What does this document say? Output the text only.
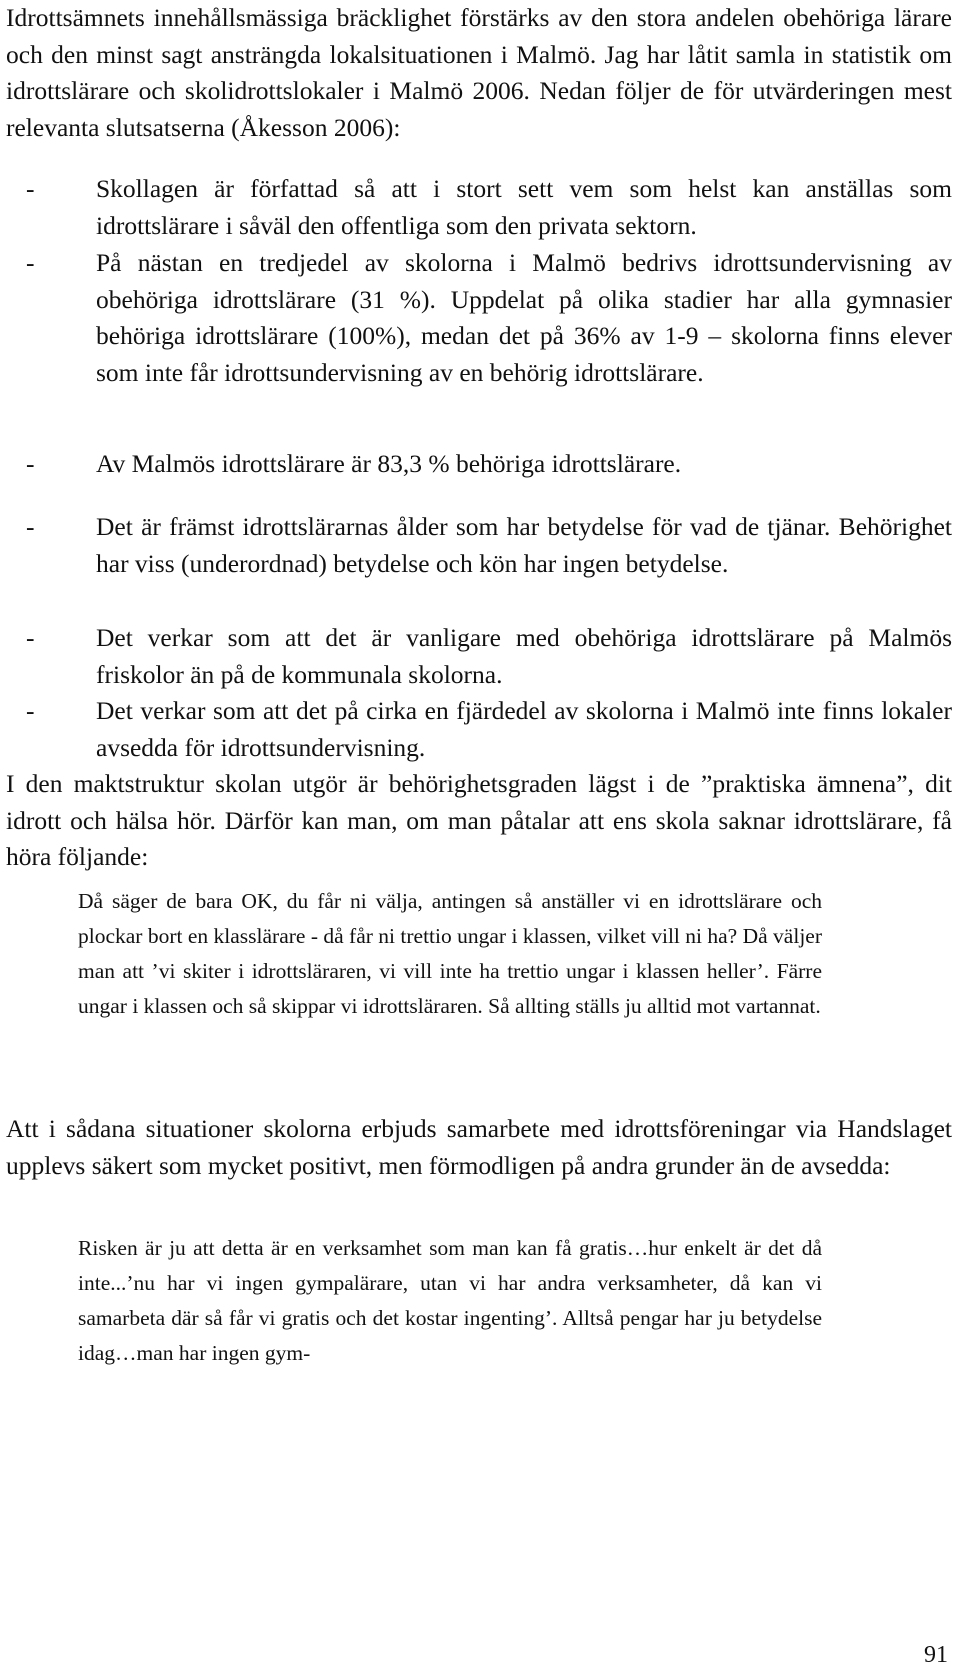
Idrottsämnets innehållsmässiga bräcklighet förstärks av den stora andelen obehöriga lärare och den minst sagt ansträngda lokalsituationen i Malmö. Jag har låtit samla in statistik om idrottslärare och skolidrottslokaler i Malmö 2006. Nedan följer de för utvärderingen mest relevanta slutsatserna (Åkesson 2006):

-	Skollagen är författad så att i stort sett vem som helst kan anställas som idrottslärare i såväl den offentliga som den privata sektorn.

-	På nästan en tredjedel av skolorna i Malmö bedrivs idrottsundervisning av obehöriga idrottslärare (31 %). Uppdelat på olika stadier har alla gymnasier behöriga idrottslärare (100%), medan det på 36% av 1-9 – skolorna finns elever som inte får idrottsundervisning av en behörig idrottslärare.

-	Av Malmös idrottslärare är 83,3 % behöriga idrottslärare.

-	Det är främst idrottslärarnas ålder som har betydelse för vad de tjänar. Behörighet har viss (underordnad) betydelse och kön har ingen betydelse.

-	Det verkar som att det är vanligare med obehöriga idrottslärare på Malmös friskolor än på de kommunala skolorna.

-	Det verkar som att det på cirka en fjärdedel av skolorna i Malmö inte finns lokaler avsedda för idrottsundervisning.

I den maktstruktur skolan utgör är behörighetsgraden lägst i de ”praktiska ämnena”, dit idrott och hälsa hör. Därför kan man, om man påtalar att ens skola saknar idrottslärare, få höra följande:

Då säger de bara OK, du får ni välja, antingen så anställer vi en idrottslärare och plockar bort en klasslärare - då får ni trettio ungar i klassen, vilket vill ni ha? Då väljer man att ’vi skiter i idrottsläraren, vi vill inte ha trettio ungar i klassen heller’. Färre ungar i klassen och så skippar vi idrottsläraren. Så allting ställs ju alltid mot vartannat.

Att i sådana situationer skolorna erbjuds samarbete med idrottsföreningar via Handslaget upplevs säkert som mycket positivt, men förmodligen på andra grunder än de avsedda:

Risken är ju att detta är en verksamhet som man kan få gratis…hur enkelt är det då inte...’nu har vi ingen gympalärare, utan vi har andra verksamheter, då kan vi samarbeta där så får vi gratis och det kostar ingenting’. Alltså pengar har ju betydelse idag…man har ingen gym-

91
